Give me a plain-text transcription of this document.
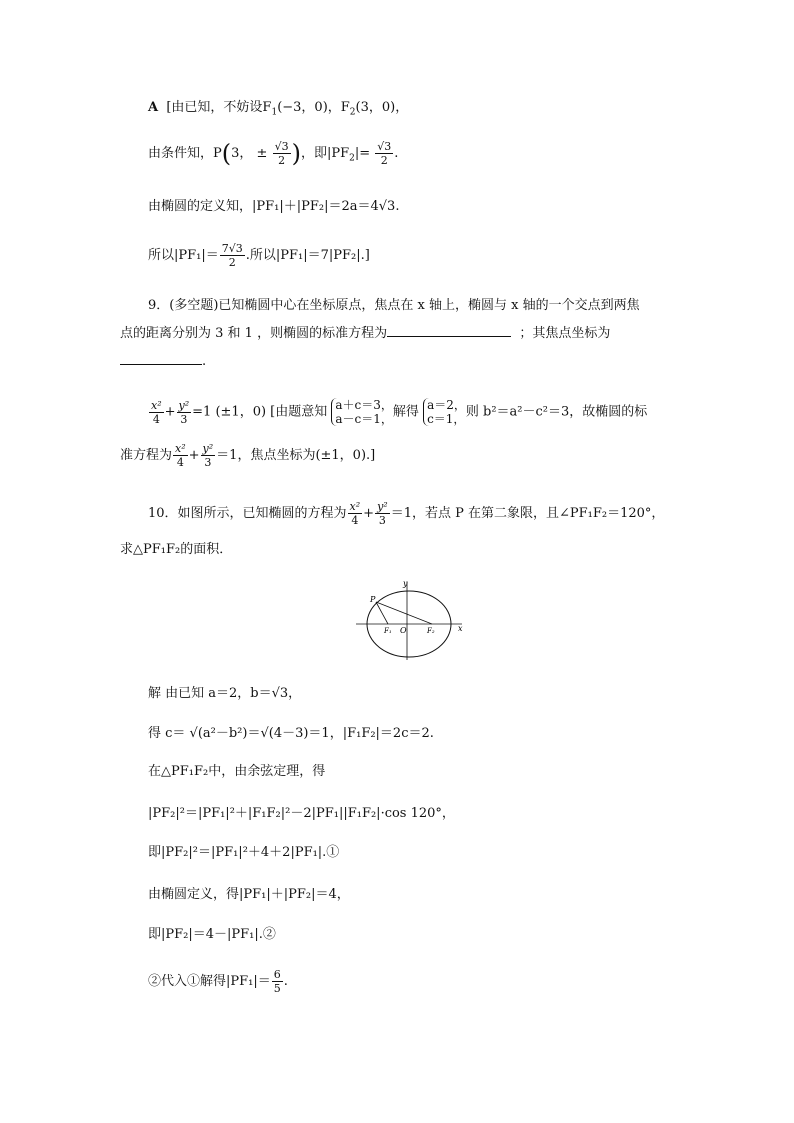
A [由已知，不妨设$F_1(-3$，0)，$F_2(3$，0)，
由条件知，P(3， ± $\frac{√3}{2}$ )，即$|PF_2|= \frac{√3}{2}$ .
由椭圆的定义知，|PF₁|＋|PF₂|＝2a＝4√3.
所以$|PF_1|= \frac{7√3}{2}$ .所以|PF₁|＝7|PF₂|.]
9．(多空题)已知椭圆中心在坐标原点，焦点在 x 轴上，椭圆与 x 轴的一个交点到两焦
点的距离分别为 3 和 1 ，则椭圆的标准方程为	；其焦点坐标为
.
$\frac{\text{x²}}{4} + \frac{\text{y²}}{3} =1$ (±1，0) [由题意知 a＋c＝3，
a－c＝1， 解得 a＝2，
c＝1， 则 b²＝a²－c²＝3，故椭圆的标
准方程为 $\frac{\text{x²}}{4} + \frac{\text{y²}}{3} =1$，焦点坐标为(±1，0).]
10．如图所示，已知椭圆的方程为 $\frac{\text{x²}}{4} + \frac{\text{y²}}{3} =1$，若点 P 在第二象限，且∠PF₁F₂＝120°，
求△PF₁F₂的面积．
y
x
P
F₁ O	F₂
解 由已知 a＝2，b＝√3，
得 c＝ √(a²－b²)＝√(4－3)＝1，|F₁F₂|＝2c＝2.
在△PF₁F₂中，由余弦定理，得
|PF₂|²＝|PF₁|²＋|F₁F₂|²－2|PF₁||F₁F₂|·cos 120°，
即|PF₂|²＝|PF₁|²＋4＋2|PF₁|.①
由椭圆定义，得|PF₁|＋|PF₂|＝4，
即|PF₂|＝4－|PF₁|.②
②代入①解得$|PF_1|= \frac{6}{5}$ .
